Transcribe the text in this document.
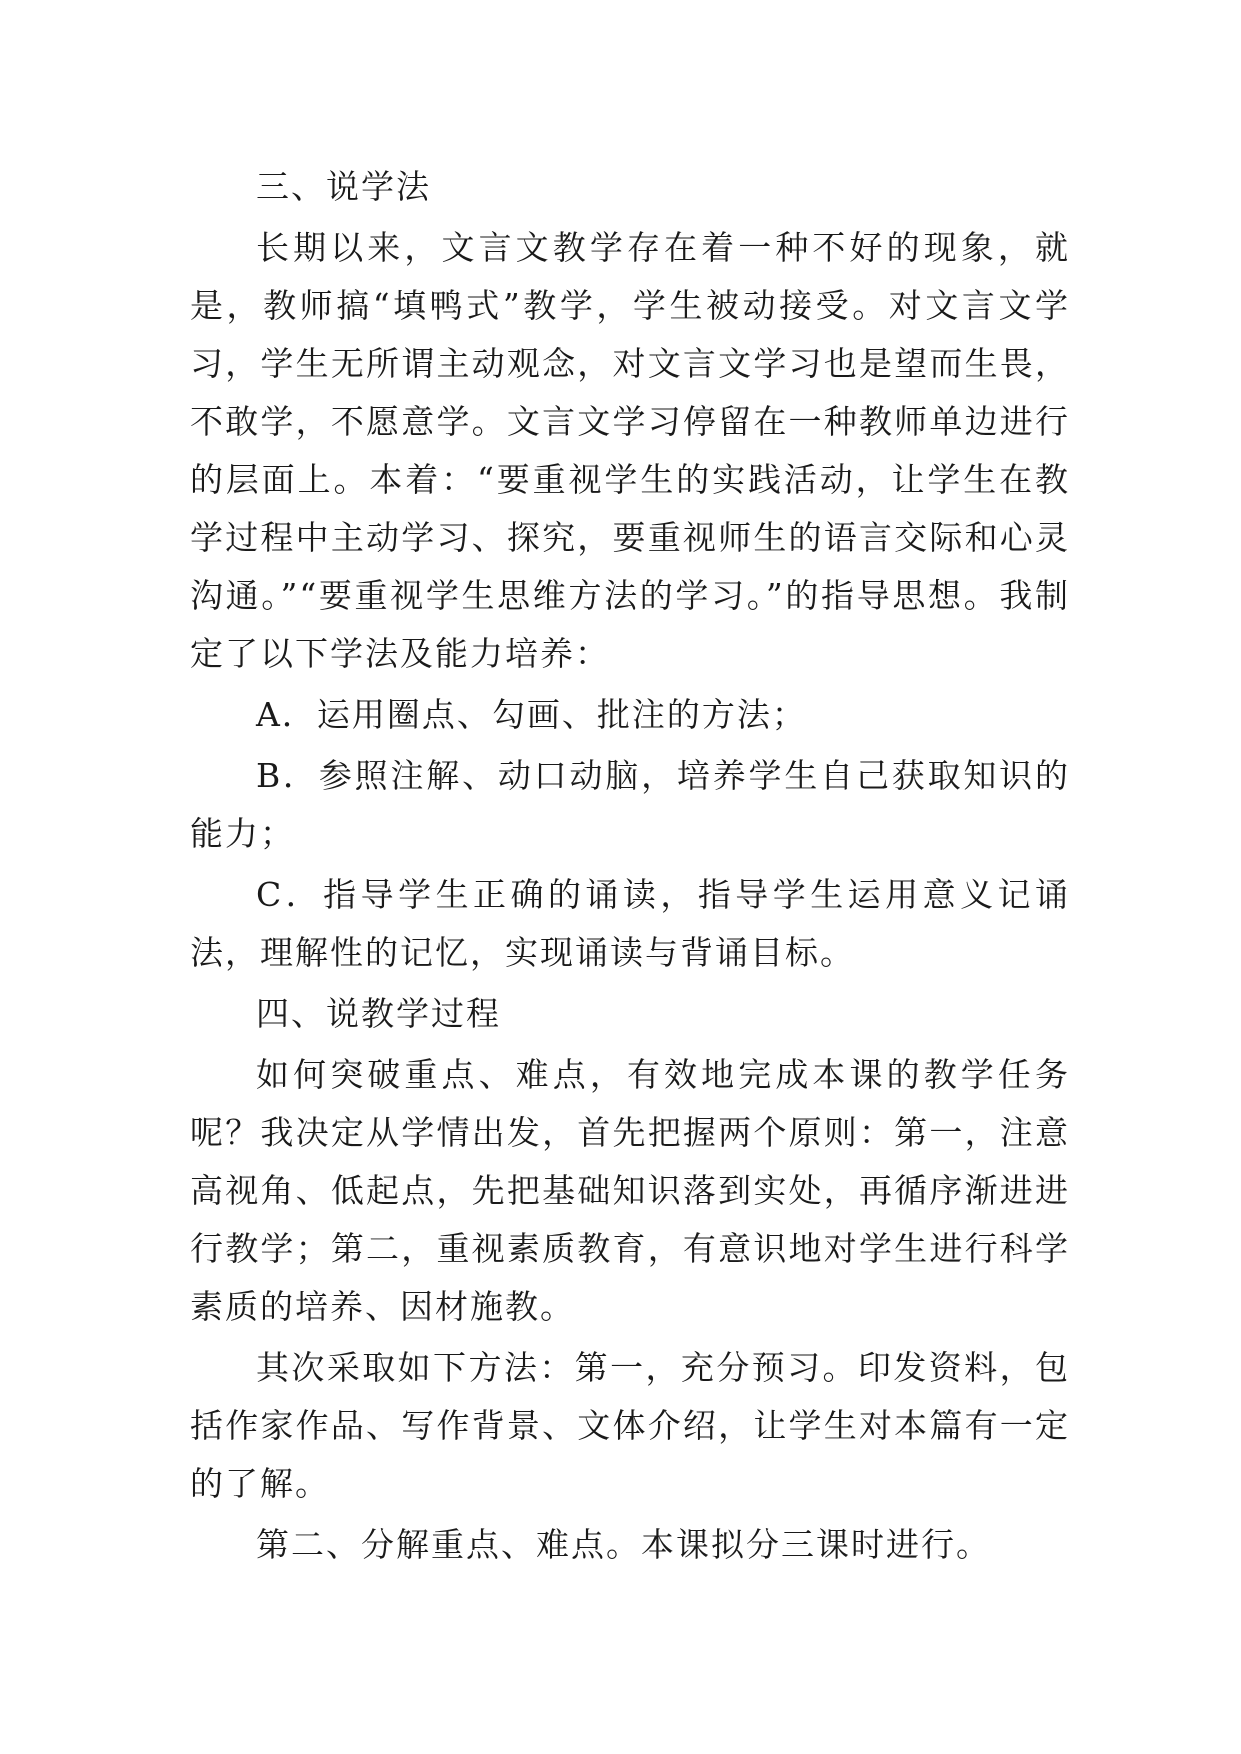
三、说学法

长期以来，文言文教学存在着一种不好的现象，就是，教师搞“填鸭式”教学，学生被动接受。对文言文学习，学生无所谓主动观念，对文言文学习也是望而生畏，不敢学，不愿意学。文言文学习停留在一种教师单边进行的层面上。本着：“要重视学生的实践活动，让学生在教学过程中主动学习、探究，要重视师生的语言交际和心灵沟通。”“要重视学生思维方法的学习。”的指导思想。我制定了以下学法及能力培养：

A．运用圈点、勾画、批注的方法；

B．参照注解、动口动脑，培养学生自己获取知识的能力；

C．指导学生正确的诵读，指导学生运用意义记诵法，理解性的记忆，实现诵读与背诵目标。

四、说教学过程

如何突破重点、难点，有效地完成本课的教学任务呢？我决定从学情出发，首先把握两个原则：第一，注意高视角、低起点，先把基础知识落到实处，再循序渐进进行教学；第二，重视素质教育，有意识地对学生进行科学素质的培养、因材施教。

其次采取如下方法：第一，充分预习。印发资料，包括作家作品、写作背景、文体介绍，让学生对本篇有一定的了解。

第二、分解重点、难点。本课拟分三课时进行。
